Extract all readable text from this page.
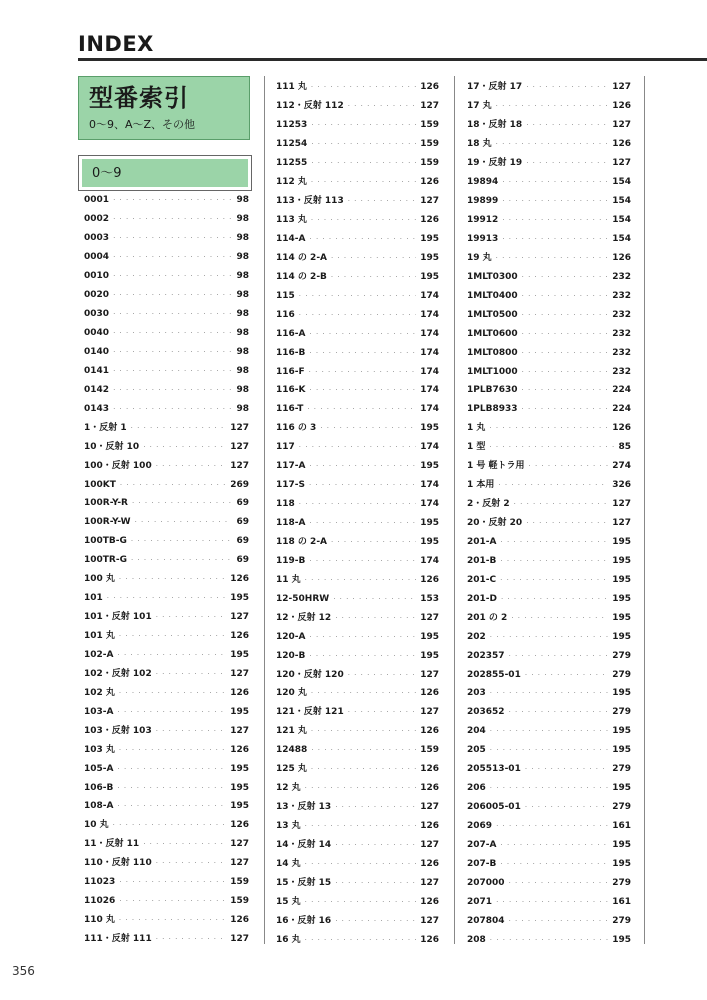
INDEX
型番索引
0～9、A～Z、その他
0～9
0001 · · ·	98
0002 · · ·	98
0003 · · ·	98
0004 · · ·	98
0010 · · ·	98
0020 · · ·	98
0030 · · ·	98
0040 · · ·	98
0140 · · ·	98
0141 · · ·	98
0142 · · ·	98
0143 · · ·	98
1・反射 1 · · ·	127
10・反射 10 · · ·	127
100・反射 100 · · ·	127
100KT · · ·	269
100R-Y-R · · ·	69
100R-Y-W · · ·	69
100TB-G · · ·	69
100TR-G · · ·	69
100 丸 · · ·	126
101 · · ·	195
101・反射 101 · · ·	127
101 丸 · · ·	126
102-A · · ·	195
102・反射 102 · · ·	127
102 丸 · · ·	126
103-A · · ·	195
103・反射 103 · · ·	127
103 丸 · · ·	126
105-A · · ·	195
106-B · · ·	195
108-A · · ·	195
10 丸 · · ·	126
11・反射 11 · · ·	127
110・反射 110 · · ·	127
11023 · · ·	159
11026 · · ·	159
110 丸 · · ·	126
111・反射 111 · · ·	127
111 丸 · · ·	126
112・反射 112 · · ·	127
11253 · · ·	159
11254 · · ·	159
11255 · · ·	159
112 丸 · · ·	126
113・反射 113 · · ·	127
113 丸 · · ·	126
114-A · · ·	195
114 の 2-A · · ·	195
114 の 2-B · · ·	195
115 · · ·	174
116 · · ·	174
116-A · · ·	174
116-B · · ·	174
116-F · · ·	174
116-K · · ·	174
116-T · · ·	174
116 の 3 · · ·	195
117 · · ·	174
117-A · · ·	195
117-S · · ·	174
118 · · ·	174
118-A · · ·	195
118 の 2-A · · ·	195
119-B · · ·	174
11 丸 · · ·	126
12-50HRW · · ·	153
12・反射 12 · · ·	127
120-A · · ·	195
120-B · · ·	195
120・反射 120 · · ·	127
120 丸 · · ·	126
121・反射 121 · · ·	127
121 丸 · · ·	126
12488 · · ·	159
125 丸 · · ·	126
12 丸 · · ·	126
13・反射 13 · · ·	127
13 丸 · · ·	126
14・反射 14 · · ·	127
14 丸 · · ·	126
15・反射 15 · · ·	127
15 丸 · · ·	126
16・反射 16 · · ·	127
16 丸 · · ·	126
17・反射 17 · · ·	127
17 丸 · · ·	126
18・反射 18 · · ·	127
18 丸 · · ·	126
19・反射 19 · · ·	127
19894 · · ·	154
19899 · · ·	154
19912 · · ·	154
19913 · · ·	154
19 丸 · · ·	126
1MLT0300 · · ·	232
1MLT0400 · · ·	232
1MLT0500 · · ·	232
1MLT0600 · · ·	232
1MLT0800 · · ·	232
1MLT1000 · · ·	232
1PLB7630 · · ·	224
1PLB8933 · · ·	224
1 丸 · · ·	126
1 型 · · ·	85
1 号 軽トラ用 · · ·	274
1 本用 · · ·	326
2・反射 2 · · ·	127
20・反射 20 · · ·	127
201-A · · ·	195
201-B · · ·	195
201-C · · ·	195
201-D · · ·	195
201 の 2 · · ·	195
202 · · ·	195
202357 · · ·	279
202855-01 · · ·	279
203 · · ·	195
203652 · · ·	279
204 · · ·	195
205 · · ·	195
205513-01 · · ·	279
206 · · ·	195
206005-01 · · ·	279
2069 · · ·	161
207-A · · ·	195
207-B · · ·	195
207000 · · ·	279
2071 · · ·	161
207804 · · ·	279
208 · · ·	195
356
